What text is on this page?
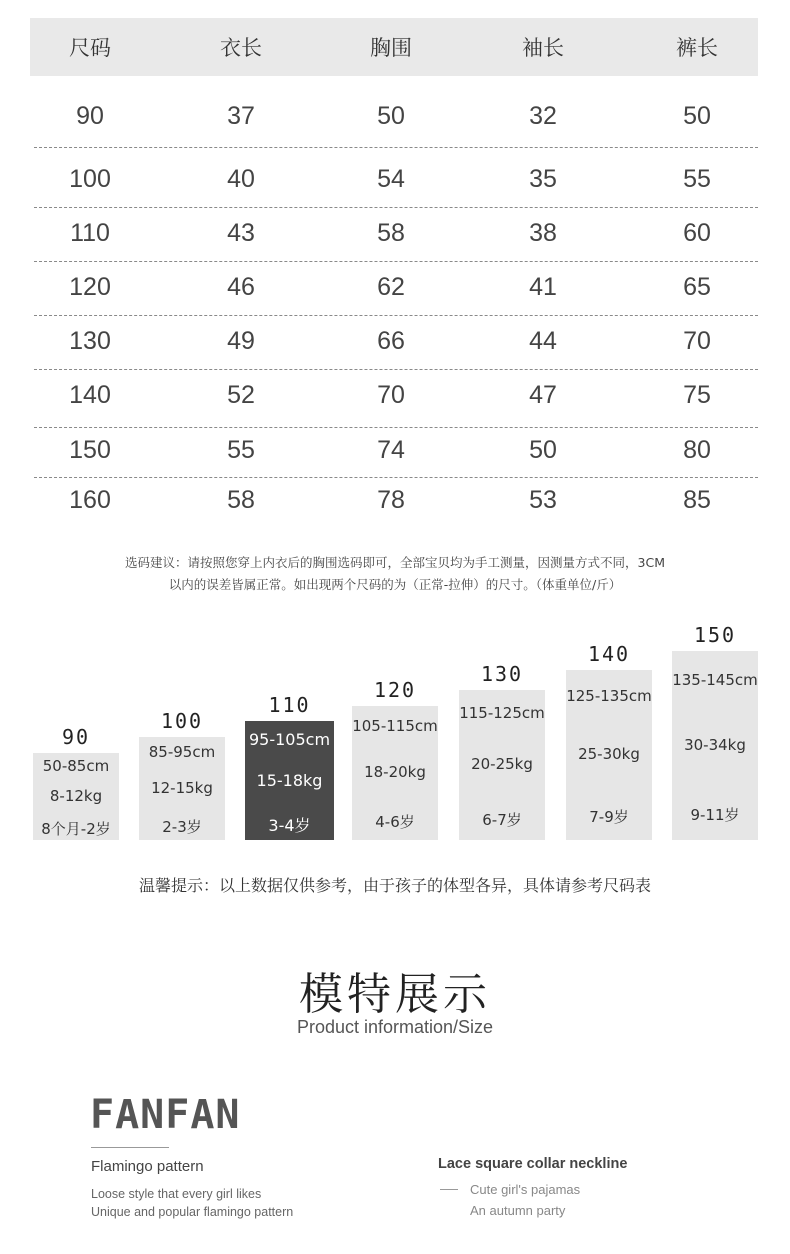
尺码	衣长	胸围	袖长	裤长
90	37	50	32	50
100	40	54	35	55
110	43	58	38	60
120	46	62	41	65
130	49	66	44	70
140	52	70	47	75
150	55	74	50	80
160	58	78	53	85
选码建议：请按照您穿上内衣后的胸围选码即可，全部宝贝均为手工测量，因测量方式不同，3CM
以内的误差皆属正常。如出现两个尺码的为（正常-拉伸）的尺寸。（体重单位/斤）
90
50-85cm
8-12kg
8个月-2岁
100
85-95cm
12-15kg
2-3岁
110
95-105cm
15-18kg
3-4岁
120
105-115cm
18-20kg
4-6岁
130
115-125cm
20-25kg
6-7岁
140
125-135cm
25-30kg
7-9岁
150
135-145cm
30-34kg
9-11岁
温馨提示：以上数据仅供参考，由于孩子的体型各异，具体请参考尺码表
模特展示
Product information/Size
FANFAN
Flamingo pattern
Loose style that every girl likes
Unique and popular flamingo pattern
Lace square collar neckline
Cute girl's pajamas
An autumn party
